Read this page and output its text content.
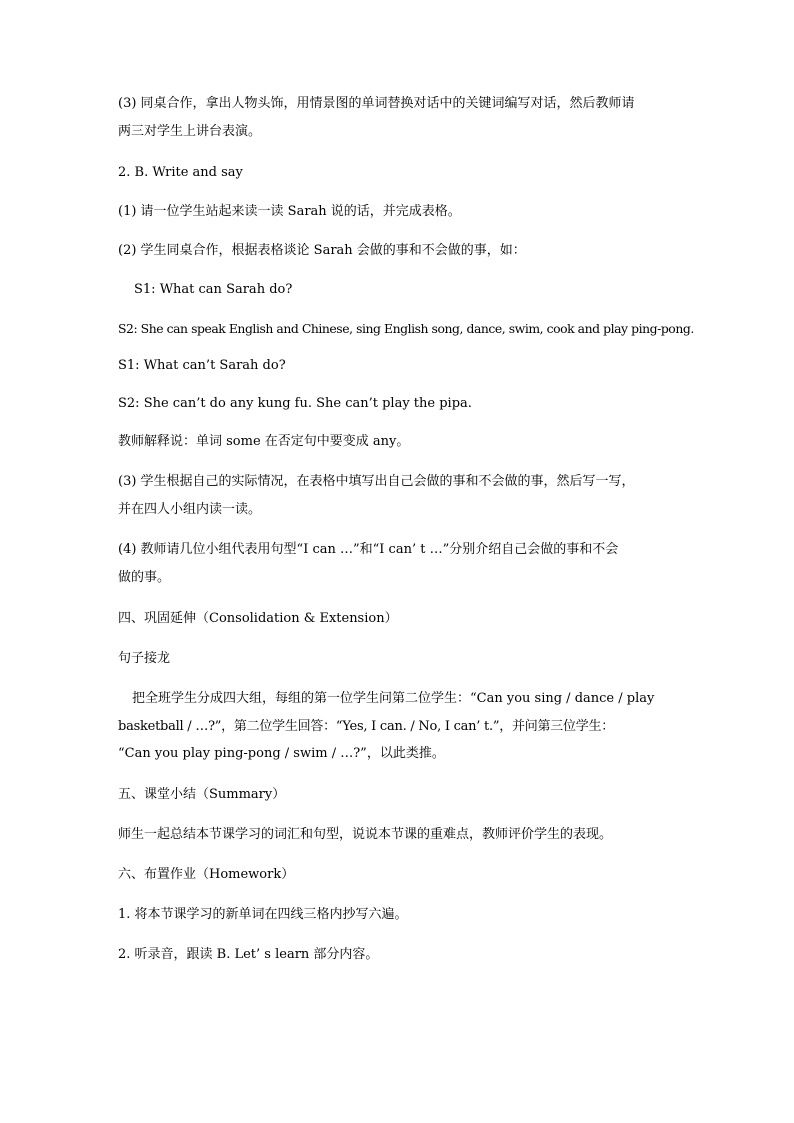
(3) 同桌合作，拿出人物头饰，用情景图的单词替换对话中的关键词编写对话，然后教师请
两三对学生上讲台表演。
2. B. Write and say
(1) 请一位学生站起来读一读 Sarah 说的话，并完成表格。
(2) 学生同桌合作，根据表格谈论 Sarah 会做的事和不会做的事，如：
S1: What can Sarah do?
S2: She can speak English and Chinese, sing English song, dance, swim, cook and play ping-pong.
S1: What can’t Sarah do?
S2: She can’t do any kung fu. She can’t play the pipa.
教师解释说：单词 some 在否定句中要变成 any。
(3) 学生根据自己的实际情况，在表格中填写出自己会做的事和不会做的事，然后写一写，
并在四人小组内读一读。
(4) 教师请几位小组代表用句型“I can …”和“I can’ t …”分别介绍自己会做的事和不会
做的事。
四、巩固延伸（Consolidation & Extension）
句子接龙
把全班学生分成四大组，每组的第一位学生问第二位学生：“Can you sing / dance / play
basketball / …?”，第二位学生回答：“Yes, I can. / No, I can’ t.”，并问第三位学生：
“Can you play ping-pong / swim / …?”，以此类推。
五、课堂小结（Summary）
师生一起总结本节课学习的词汇和句型，说说本节课的重难点，教师评价学生的表现。
六、布置作业（Homework）
1. 将本节课学习的新单词在四线三格内抄写六遍。
2. 听录音，跟读 B. Let’ s learn 部分内容。
